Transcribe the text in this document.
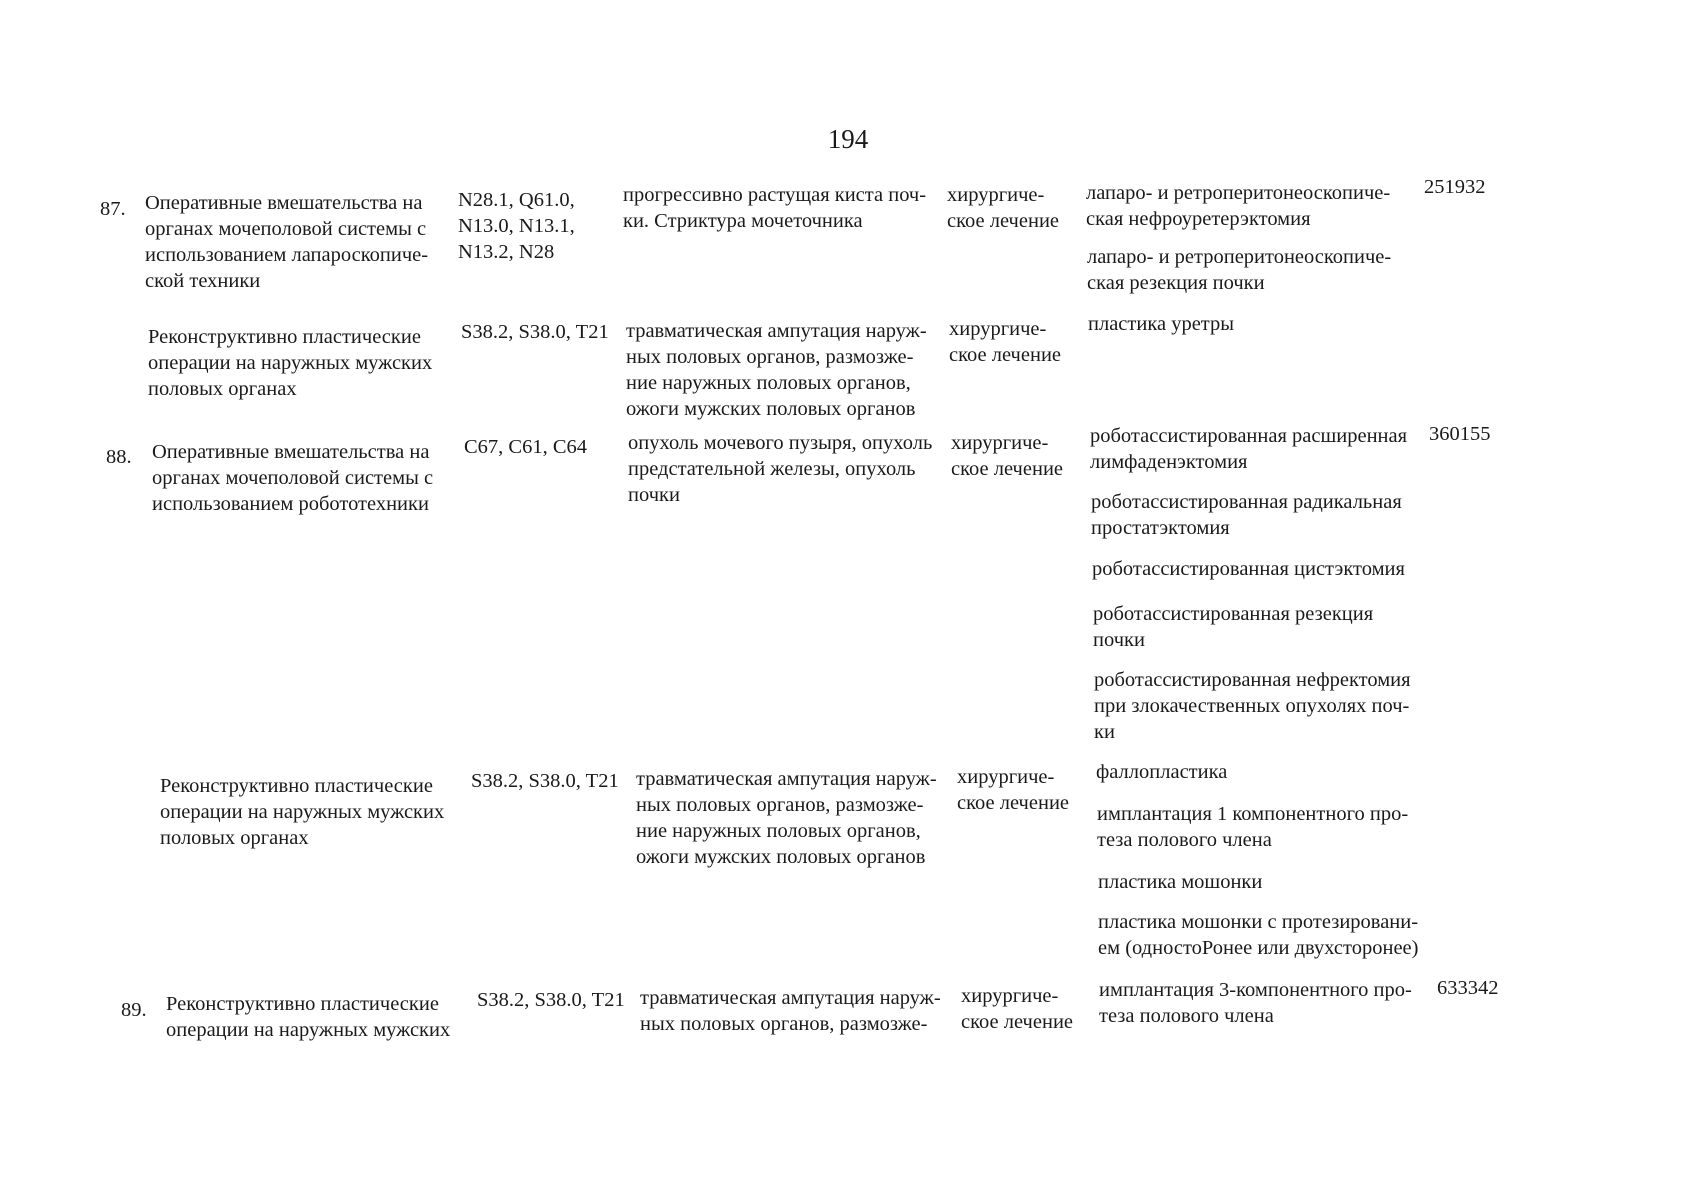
194
87. Оперативные вмешательства на
органах мочеполовой системы с
использованием лапароскопиче-
ской техники
N28.1, Q61.0,
N13.0, N13.1,
N13.2, N28
прогрессивно растущая киста поч-
ки. Стриктура мочеточника
хирургиче-
ское лечение
лапаро- и ретроперитонеоскопиче-
ская нефроуретерэктомия
лапаро- и ретроперитонеоскопиче-
ская резекция почки
251932
Реконструктивно пластические
операции на наружных мужских
половых органах
S38.2, S38.0, T21 травматическая ампутация наруж-
ных половых органов, размозже-
ние наружных половых органов,
ожоги мужских половых органов
хирургиче-
ское лечение
пластика уретры
88. Оперативные вмешательства на
органах мочеполовой системы с
использованием робототехники
C67, C61, C64	опухоль мочевого пузыря, опухоль
предстательной железы, опухоль
почки
хирургиче-
ское лечение
роботассистированная расширенная
лимфаденэктомия
роботассистированная радикальная
простатэктомия
роботассистированная цистэктомия
роботассистированная резекция
почки
роботассистированная нефректомия
при злокачественных опухолях поч-
ки
360155
Реконструктивно пластические
операции на наружных мужских
половых органах
S38.2, S38.0, T21 травматическая ампутация наруж-
ных половых органов, размозже-
ние наружных половых органов,
ожоги мужских половых органов
хирургиче-
ское лечение
фаллопластика
имплантация 1 компонентного про-
теза полового члена
пластика мошонки
пластика мошонки с протезировани-
ем (одностоРонее или двухсторонее)
89. Реконструктивно пластические
операции на наружных мужских
S38.2, S38.0, T21 травматическая ампутация наруж-
ных половых органов, размозже-
хирургиче-
ское лечение
имплантация 3-компонентного про-
теза полового члена
633342
